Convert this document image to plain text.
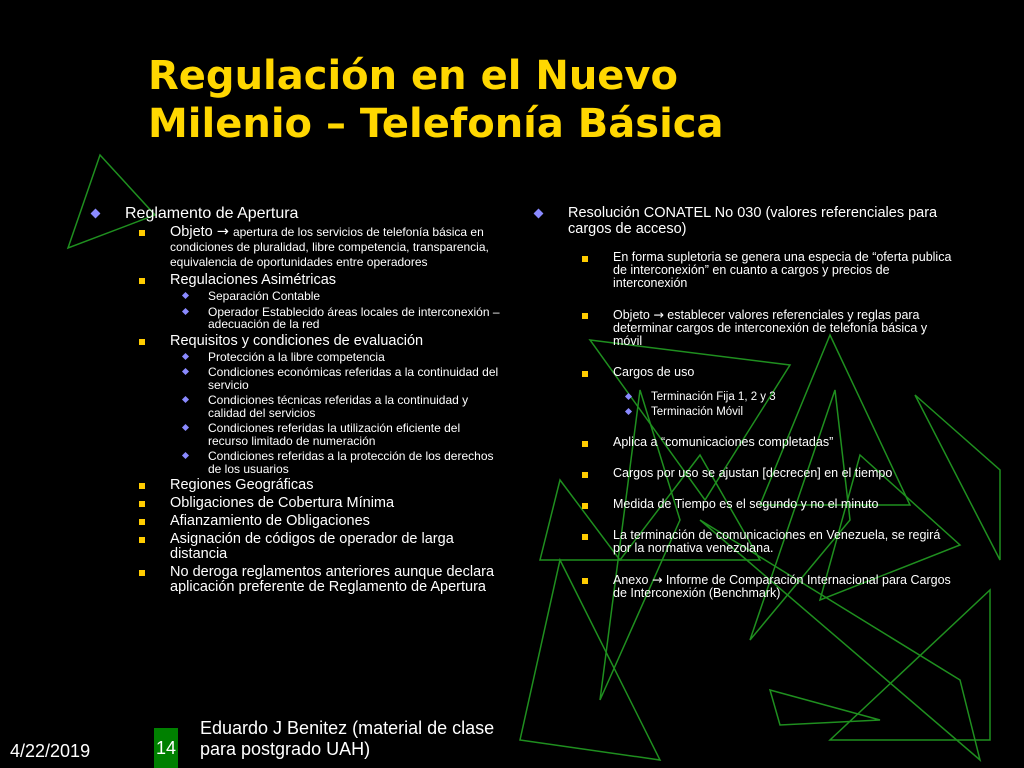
Regulación en el Nuevo
Milenio – Telefonía Básica
Reglamento de Apertura
Objeto → apertura de los servicios de telefonía básica en condiciones de pluralidad, libre competencia, transparencia, equivalencia de oportunidades entre operadores
Regulaciones Asimétricas
Separación Contable
Operador Establecido áreas locales de interconexión – adecuación de la red
Requisitos y condiciones de evaluación
Protección a la libre competencia
Condiciones económicas referidas a la continuidad del servicio
Condiciones técnicas referidas a la continuidad y calidad del servicios
Condiciones referidas la utilización eficiente del recurso limitado de numeración
Condiciones referidas a la protección de los derechos de los usuarios
Regiones Geográficas
Obligaciones de Cobertura Mínima
Afianzamiento de Obligaciones
Asignación de códigos de operador de larga distancia
No deroga reglamentos anteriores aunque declara aplicación preferente de Reglamento de Apertura
Resolución CONATEL No 030 (valores referenciales para cargos de acceso)
En forma supletoria se genera una especia de “oferta publica de interconexión” en cuanto a cargos y precios de interconexión
Objeto → establecer valores referenciales y reglas para determinar cargos de interconexión de telefonía básica y móvil
Cargos de uso
Terminación Fija 1, 2 y 3
Terminación Móvil
Aplica a “comunicaciones completadas”
Cargos por uso se ajustan [decrecen] en el tiempo
Medida de Tiempo es el segundo y no el minuto
La terminación de comunicaciones en Venezuela, se regirá por la normativa venezolana.
Anexo → Informe de Comparación Internacional para Cargos de Interconexión (Benchmark)
4/22/2019	14
Eduardo J Benitez (material de clase
para postgrado UAH)
